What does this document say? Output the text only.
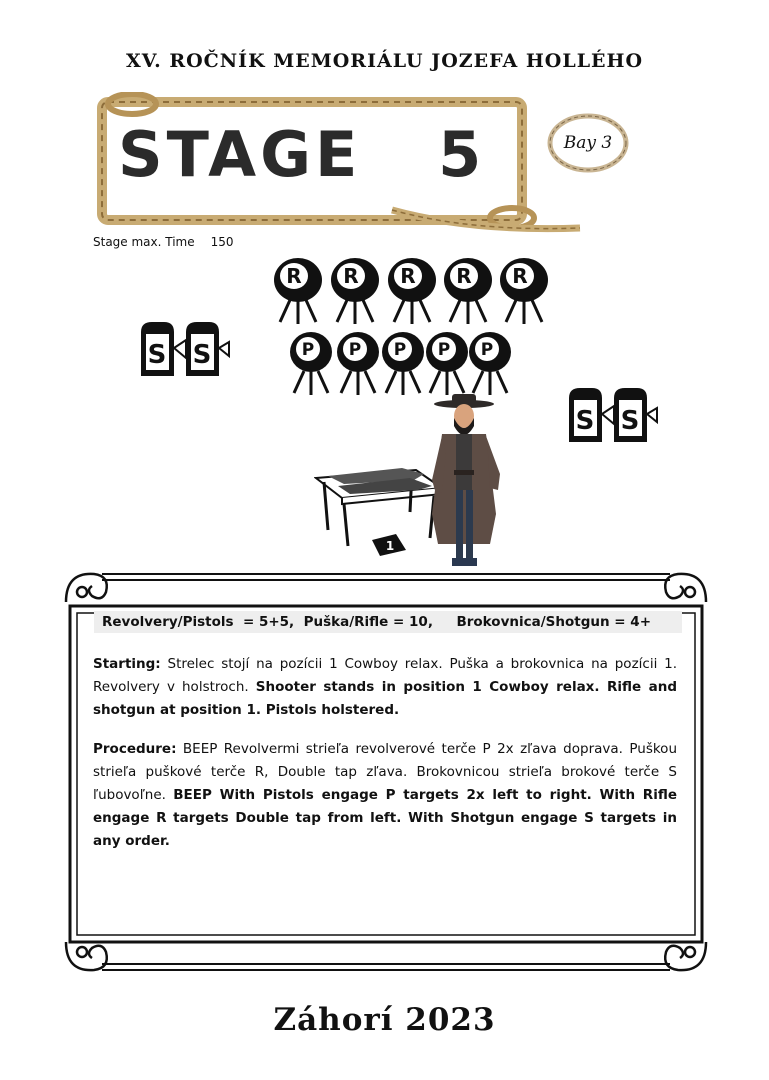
XV. ROČNÍK MEMORIÁLU JOZEFA HOLLÉHO
STAGE   5	Bay 3
Stage max. Time 150
R R R R R
P P P P P
S S
S S
1
Revolvery/Pistols  = 5+5,  Puška/Rifle = 10,     Brokovnica/Shotgun = 4+
Starting: Strelec stojí na pozícii 1 Cowboy relax. Puška a brokovnica na pozícii 1. Revolvery v holstroch. Shooter stands in position 1 Cowboy relax. Rifle and shotgun at position 1. Pistols holstered.
Procedure: BEEP Revolvermi strieľa revolverové terče P 2x zľava doprava. Puškou strieľa puškové terče R, Double tap zľava. Brokovnicou strieľa brokové terče S ľubovoľne. BEEP With Pistols engage P targets 2x left to right. With Rifle engage R targets Double tap from left. With Shotgun engage S targets in any order.
Záhorí 2023
